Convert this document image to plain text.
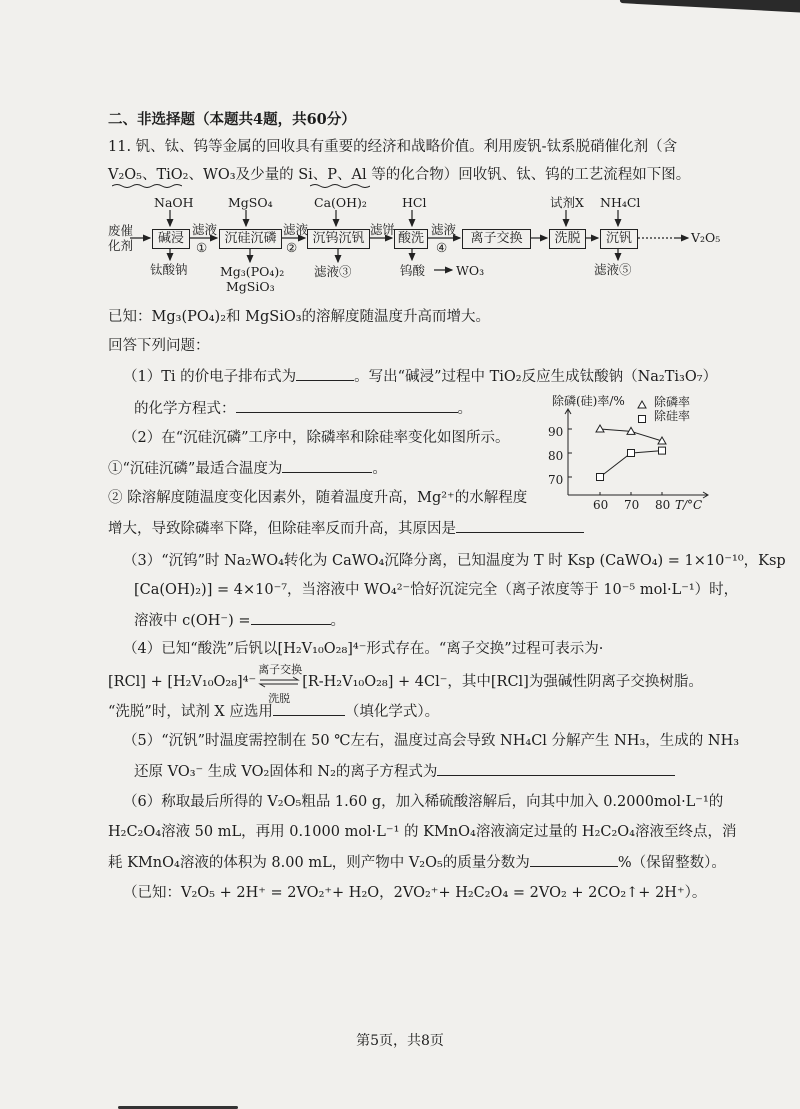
二、非选择题（本题共4题，共60分）
11. 钒、钛、钨等金属的回收具有重要的经济和战略价值。利用废钒-钛系脱硝催化剂（含
V₂O₅、TiO₂、WO₃及少量的 Si、P、Al 等的化合物）回收钒、钛、钨的工艺流程如下图。
废催
化剂
NaOH	MgSO₄	Ca(OH)₂	HCl	试剂X NH₄Cl
碱浸	沉硅沉磷	沉钨沉钒	酸洗	离子交换	洗脱	沉钒	V₂O₅
滤液
①
滤液
②
滤饼	滤液
④
钛酸钠	Mg₃(PO₄)₂
MgSiO₃
滤液③	钨酸 WO₃	滤液⑤
已知：Mg₃(PO₄)₂和 MgSiO₃的溶解度随温度升高而增大。
回答下列问题：
（1）Ti 的价电子排布式为	。写出“碱浸”过程中 TiO₂反应生成钛酸钠（Na₂Ti₃O₇）
的化学方程式：	。
（2）在“沉硅沉磷”工序中，除磷率和除硅率变化如图所示。
①“沉硅沉磷”最适合温度为	。
② 除溶解度随温度变化因素外，随着温度升高，Mg²⁺的水解程度
增大，导致除磷率下降，但除硅率反而升高，其原因是
除磷(硅)率/% 除磷率
除硅率
90
80
70
60 70 80 T/°C
（3）“沉钨”时 Na₂WO₄转化为 CaWO₄沉降分离，已知温度为 T 时 Ksp (CaWO₄) = 1×10⁻¹⁰，Ksp
[Ca(OH)₂)] = 4×10⁻⁷，当溶液中 WO₄²⁻恰好沉淀完全（离子浓度等于 10⁻⁵ mol·L⁻¹）时，
溶液中 c(OH⁻) =	。
（4）已知“酸洗”后钒以[H₂V₁₀O₂₈]⁴⁻形式存在。“离子交换”过程可表示为·
[RCl] + [H₂V₁₀O₂₈]⁴⁻
离子交换
洗脱
[R-H₂V₁₀O₂₈] + 4Cl⁻，其中[RCl]为强碱性阴离子交换树脂。
“洗脱”时，试剂 X 应选用	（填化学式）。
（5）“沉钒”时温度需控制在 50 ℃左右，温度过高会导致 NH₄Cl 分解产生 NH₃，生成的 NH₃
还原 VO₃⁻ 生成 VO₂固体和 N₂的离子方程式为
（6）称取最后所得的 V₂O₅粗品 1.60 g，加入稀硫酸溶解后，向其中加入 0.2000mol·L⁻¹的
H₂C₂O₄溶液 50 mL，再用 0.1000 mol·L⁻¹ 的 KMnO₄溶液滴定过量的 H₂C₂O₄溶液至终点，消
耗 KMnO₄溶液的体积为 8.00 mL，则产物中 V₂O₅的质量分数为	%（保留整数）。
（已知：V₂O₅ + 2H⁺ = 2VO₂⁺+ H₂O，2VO₂⁺+ H₂C₂O₄ = 2VO₂ + 2CO₂↑+ 2H⁺）。
第5页，共8页
